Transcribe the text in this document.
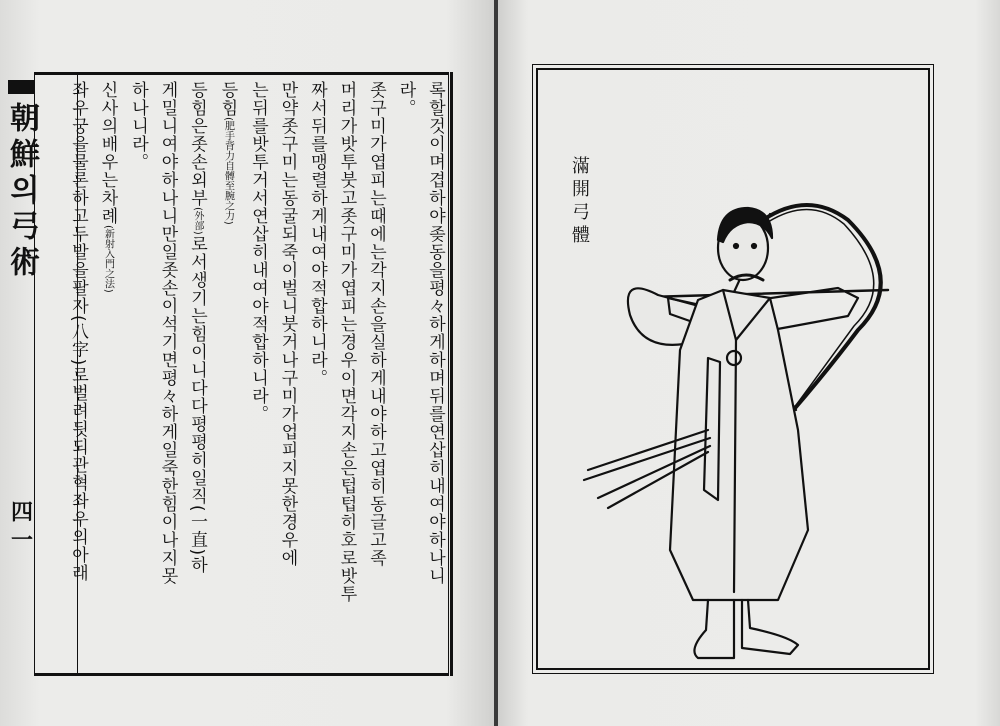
朝鮮의弓術
四一	록할것이며겹하야좆동을평々하게하며뒤를연삽히내여야하나니
라。
좃구미가엽피는때에는각지손을실하게내야하고엽히동글고족
머리가밧투붓고좃구미가엽피는경우이면각지손은텁텁히호로밧투
짜서뒤를맹렬하게내여야적합하니라。
만약좃구미는동굴되죽이벌니붓거나구미가업피지못한경우에
는뒤를밧투거서연삽히내여야적합하니라。
등힘(肥手背力自髆至腕之力)
등힘은좃손외부(外部)로서생기는힘이니다다평평히일직(一直)하
게밀니여야하나니만일좃손이석기면평々하게일죽한힘이나지못
하나니라。
신사의배우는차례(新射入門之法)
좌우궁을물론하고두발을팔자(八字)로벌려딋되관혁좌우의아래	滿開弓體
